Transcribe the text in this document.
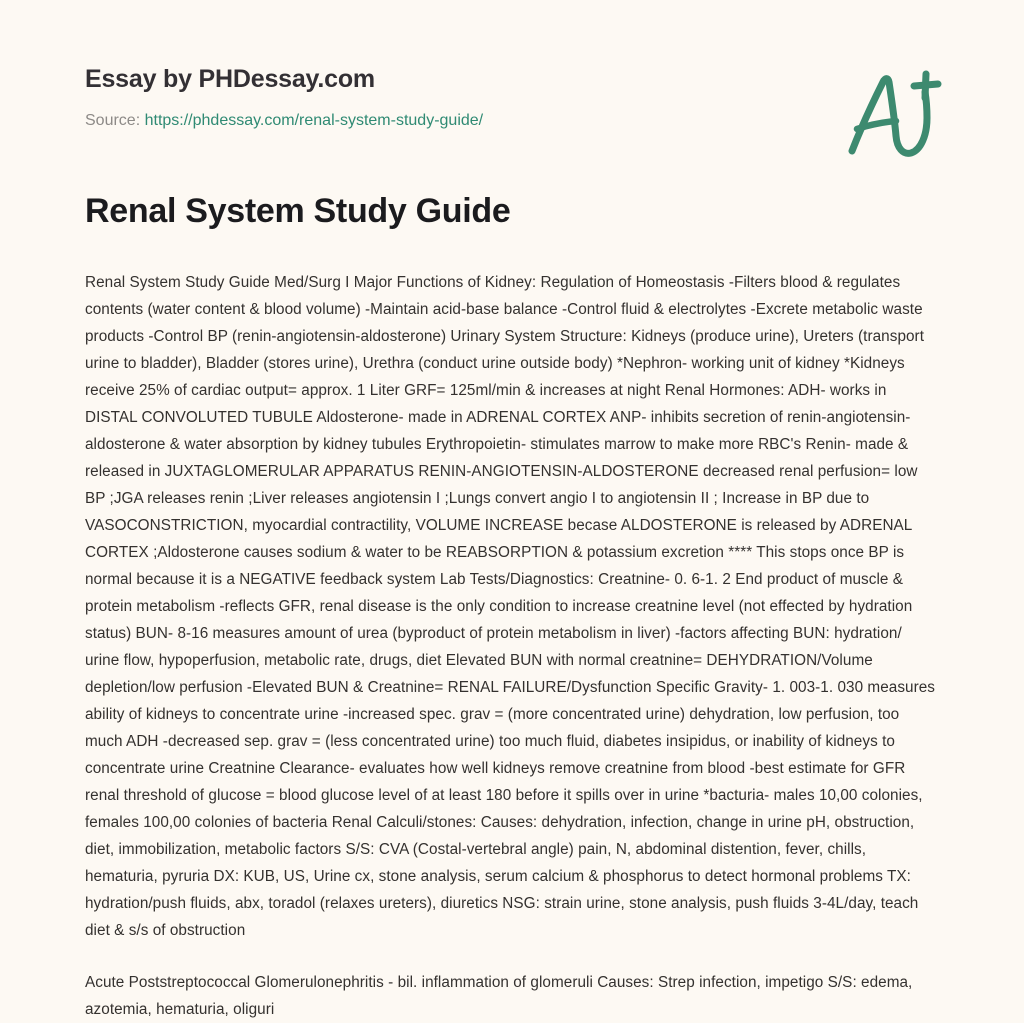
Essay by PHDessay.com
Source: https://phdessay.com/renal-system-study-guide/
Renal System Study Guide

Renal System Study Guide Med/Surg I Major Functions of Kidney: Regulation of Homeostasis -Filters blood & regulates contents (water content & blood volume) -Maintain acid-base balance -Control fluid & electrolytes -Excrete metabolic waste products -Control BP (renin-angiotensin-aldosterone) Urinary System Structure: Kidneys (produce urine), Ureters (transport urine to bladder), Bladder (stores urine), Urethra (conduct urine outside body) *Nephron- working unit of kidney *Kidneys receive 25% of cardiac output= approx. 1 Liter GRF= 125ml/min & increases at night Renal Hormones: ADH- works in DISTAL CONVOLUTED TUBULE Aldosterone- made in ADRENAL CORTEX ANP- inhibits secretion of renin-angiotensin-aldosterone & water absorption by kidney tubules Erythropoietin- stimulates marrow to make more RBC's Renin- made & released in JUXTAGLOMERULAR APPARATUS RENIN-ANGIOTENSIN-ALDOSTERONE decreased renal perfusion= low BP ;JGA releases renin ;Liver releases angiotensin I ;Lungs convert angio I to angiotensin II ; Increase in BP due to VASOCONSTRICTION, myocardial contractility, VOLUME INCREASE becase ALDOSTERONE is released by ADRENAL CORTEX ;Aldosterone causes sodium & water to be REABSORPTION & potassium excretion **** This stops once BP is normal because it is a NEGATIVE feedback system Lab Tests/Diagnostics: Creatnine- 0. 6-1. 2 End product of muscle & protein metabolism -reflects GFR, renal disease is the only condition to increase creatnine level (not effected by hydration status) BUN- 8-16 measures amount of urea (byproduct of protein metabolism in liver) -factors affecting BUN: hydration/ urine flow, hypoperfusion, metabolic rate, drugs, diet Elevated BUN with normal creatnine= DEHYDRATION/Volume depletion/low perfusion -Elevated BUN & Creatnine= RENAL FAILURE/Dysfunction Specific Gravity- 1. 003-1. 030 measures ability of kidneys to concentrate urine -increased spec. grav = (more concentrated urine) dehydration, low perfusion, too much ADH -decreased sep. grav = (less concentrated urine) too much fluid, diabetes insipidus, or inability of kidneys to concentrate urine Creatnine Clearance- evaluates how well kidneys remove creatnine from blood -best estimate for GFR renal threshold of glucose = blood glucose level of at least 180 before it spills over in urine *bacturia- males 10,00 colonies, females 100,00 colonies of bacteria Renal Calculi/stones: Causes: dehydration, infection, change in urine pH, obstruction, diet, immobilization, metabolic factors S/S: CVA (Costal-vertebral angle) pain, N, abdominal distention, fever, chills, hematuria, pyruria DX: KUB, US, Urine cx, stone analysis, serum calcium & phosphorus to detect hormonal problems TX: hydration/push fluids, abx, toradol (relaxes ureters), diuretics NSG: strain urine, stone analysis, push fluids 3-4L/day, teach diet & s/s of obstruction

Acute Poststreptococcal Glomerulonephritis - bil. inflammation of glomeruli Causes: Strep infection, impetigo S/S: edema, azotemia, hematuria, oliguri
